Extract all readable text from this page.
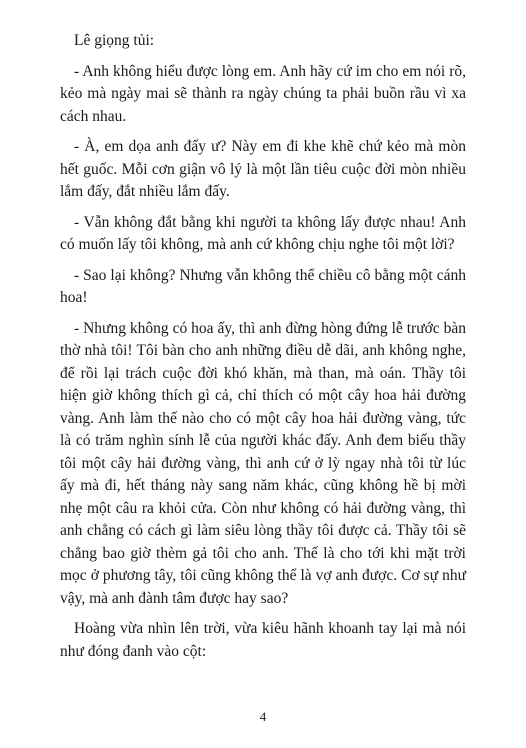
Lê giọng tủi:

- Anh không hiểu được lòng em. Anh hãy cứ im cho em nói rõ, kẻo mà ngày mai sẽ thành ra ngày chúng ta phải buồn rầu vì xa cách nhau.

- À, em dọa anh đấy ư? Này em đi khe khẽ chứ kẻo mà mòn hết guốc. Mỗi cơn giận vô lý là một lần tiêu cuộc đời mòn nhiều lắm đấy, đắt nhiều lắm đấy.

- Vẫn không đắt bằng khi người ta không lấy được nhau! Anh có muốn lấy tôi không, mà anh cứ không chịu nghe tôi một lời?

- Sao lại không? Nhưng vẫn không thể chiều cô bằng một cánh hoa!

- Nhưng không có hoa ấy, thì anh đừng hòng đứng lễ trước bàn thờ nhà tôi! Tôi bàn cho anh những điều dễ dãi, anh không nghe, để rồi lại trách cuộc đời khó khăn, mà than, mà oán. Thầy tôi hiện giờ không thích gì cả, chỉ thích có một cây hoa hải đường vàng. Anh làm thế nào cho có một cây hoa hải đường vàng, tức là có trăm nghìn sính lễ của người khác đấy. Anh đem biếu thầy tôi một cây hải đường vàng, thì anh cứ ở lỳ ngay nhà tôi từ lúc ấy mà đi, hết tháng này sang năm khác, cũng không hề bị mời nhẹ một câu ra khỏi cửa. Còn như không có hải đường vàng, thì anh chẳng có cách gì làm siêu lòng thầy tôi được cả. Thầy tôi sẽ chẳng bao giờ thèm gả tôi cho anh. Thế là cho tới khi mặt trời mọc ở phương tây, tôi cũng không thể là vợ anh được. Cơ sự như vậy, mà anh đành tâm được hay sao?

Hoàng vừa nhìn lên trời, vừa kiêu hãnh khoanh tay lại mà nói như đóng đanh vào cột:

4
